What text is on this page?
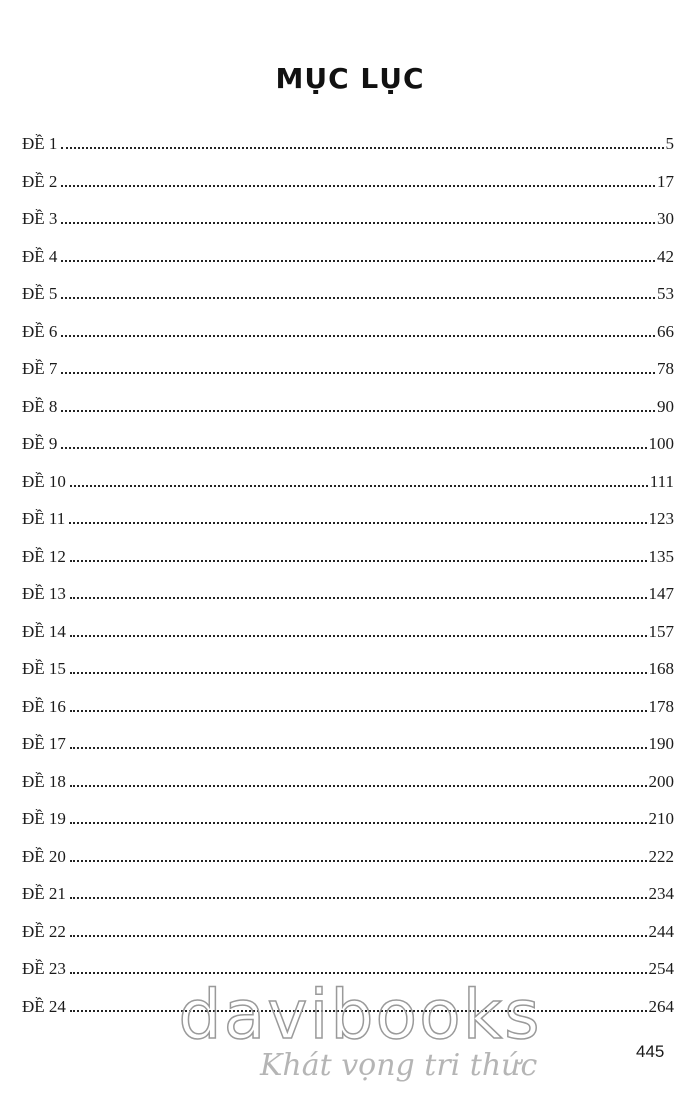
MỤC LỤC
ĐỀ 1	5
ĐỀ 2	17
ĐỀ 3	30
ĐỀ 4	42
ĐỀ 5	53
ĐỀ 6	66
ĐỀ 7	78
ĐỀ 8	90
ĐỀ 9	100
ĐỀ 10	111
ĐỀ 11	123
ĐỀ 12	135
ĐỀ 13	147
ĐỀ 14	157
ĐỀ 15	168
ĐỀ 16	178
ĐỀ 17	190
ĐỀ 18	200
ĐỀ 19	210
ĐỀ 20	222
ĐỀ 21	234
ĐỀ 22	244
ĐỀ 23	254
ĐỀ 24	264
davibooks
Khát vọng tri thức	445
